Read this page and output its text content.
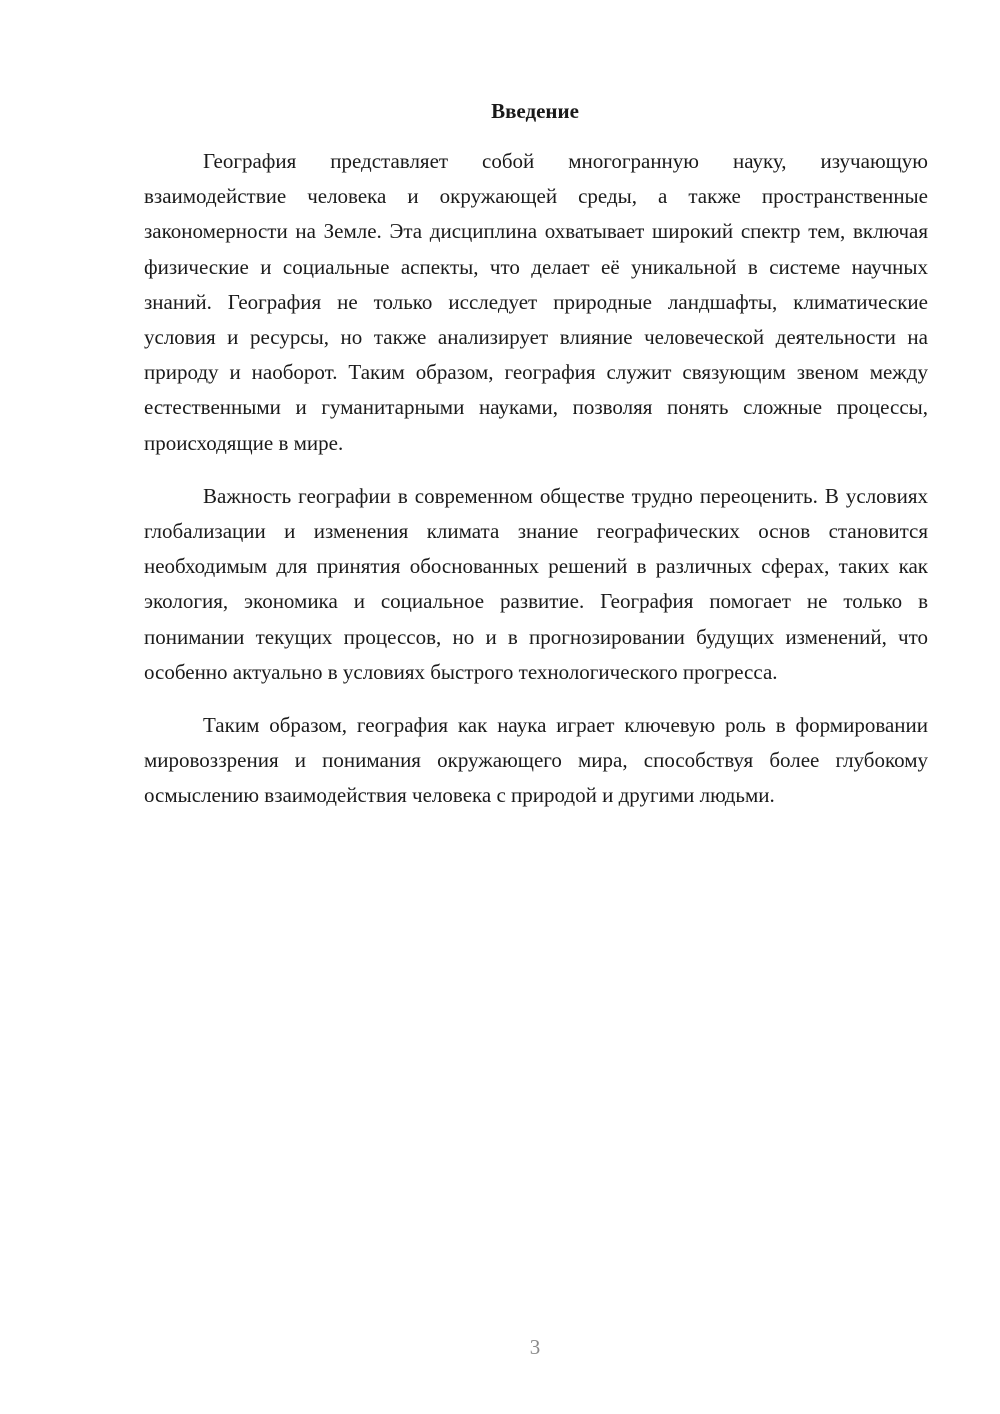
Введение

География представляет собой многогранную науку, изучающую взаимодействие человека и окружающей среды, а также пространственные закономерности на Земле. Эта дисциплина охватывает широкий спектр тем, включая физические и социальные аспекты, что делает её уникальной в системе научных знаний. География не только исследует природные ландшафты, климатические условия и ресурсы, но также анализирует влияние человеческой деятельности на природу и наоборот. Таким образом, география служит связующим звеном между естественными и гуманитарными науками, позволяя понять сложные процессы, происходящие в мире.

Важность географии в современном обществе трудно переоценить. В условиях глобализации и изменения климата знание географических основ становится необходимым для принятия обоснованных решений в различных сферах, таких как экология, экономика и социальное развитие. География помогает не только в понимании текущих процессов, но и в прогнозировании будущих изменений, что особенно актуально в условиях быстрого технологического прогресса.

Таким образом, география как наука играет ключевую роль в формировании мировоззрения и понимания окружающего мира, способствуя более глубокому осмыслению взаимодействия человека с природой и другими людьми.

3
